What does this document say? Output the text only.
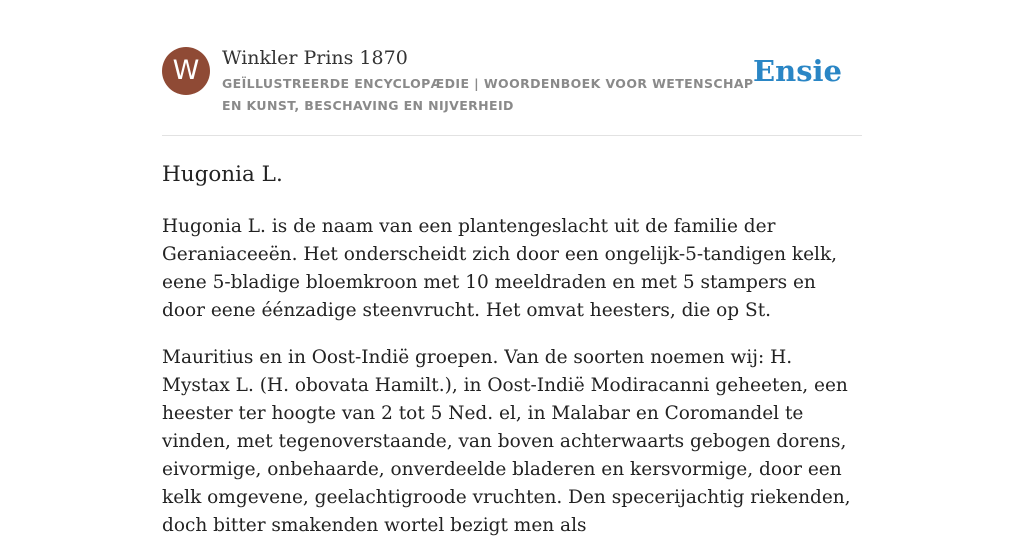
W	Winkler Prins 1870
GEÏLLUSTREERDE ENCYCLOPÆDIE | WOORDENBOEK VOOR WETENSCHAP EN KUNST, BESCHAVING EN NIJVERHEID
Ensie
Hugonia L.

Hugonia L. is de naam van een plantengeslacht uit de familie der Geraniaceeën. Het onderscheidt zich door een ongelijk-5-tandigen kelk, eene 5-bladige bloemkroon met 10 meeldraden en met 5 stampers en door eene éénzadige steenvrucht. Het omvat heesters, die op St.

Mauritius en in Oost-Indië groepen. Van de soorten noemen wij: H. Mystax L. (H. obovata Hamilt.), in Oost-Indië Modiracanni geheeten, een heester ter hoogte van 2 tot 5 Ned. el, in Malabar en Coromandel te vinden, met tegenoverstaande, van boven achterwaarts gebogen dorens, eivormige, onbehaarde, onverdeelde bladeren en kersvormige, door een kelk omgevene, geelachtigroode vruchten. Den specerijachtig riekenden, doch bitter smakenden wortel bezigt men als
